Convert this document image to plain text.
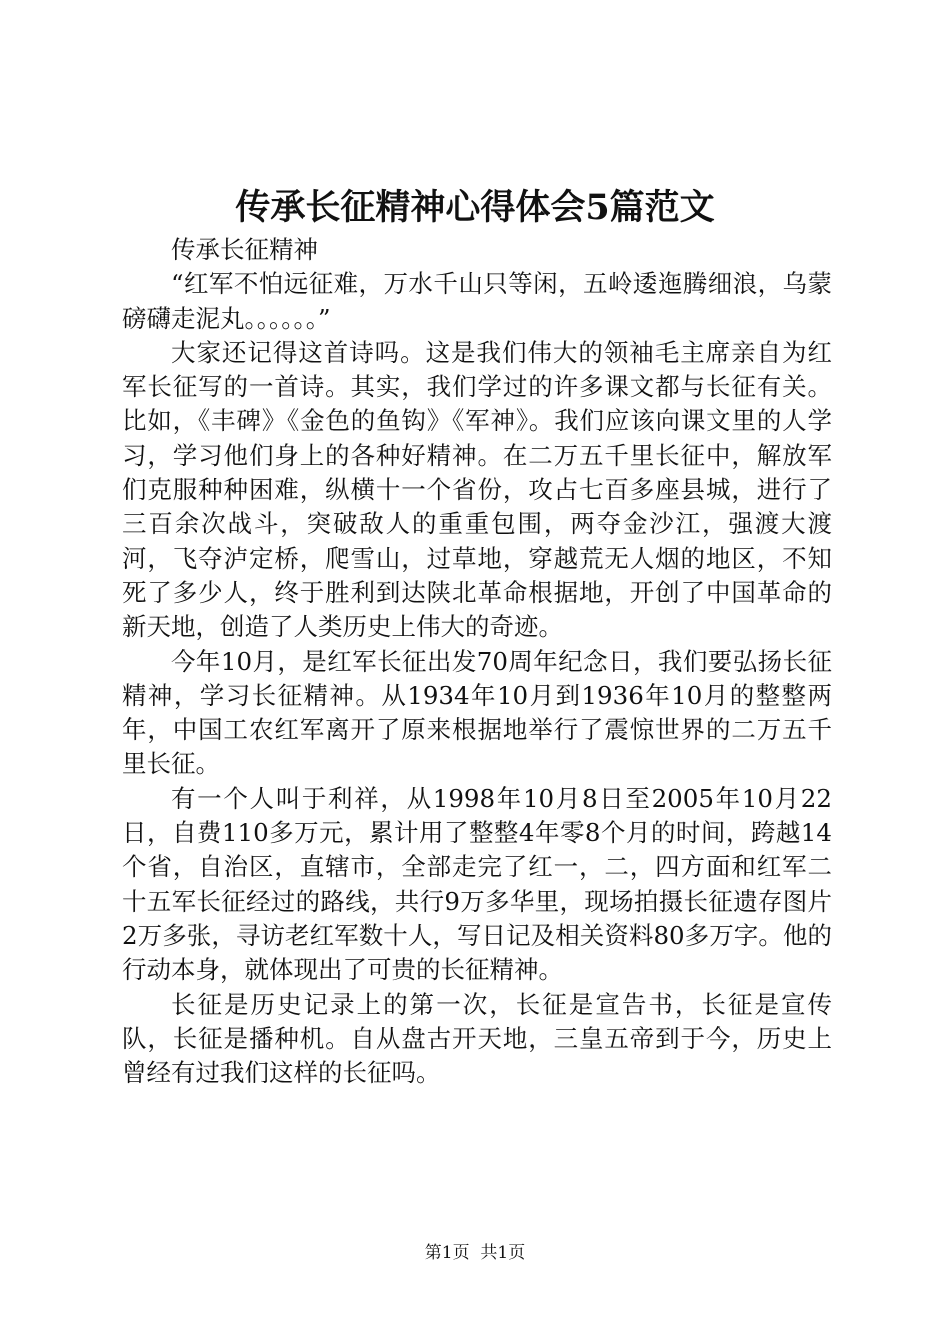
传承长征精神心得体会5篇范文

传承长征精神

“红军不怕远征难，万水千山只等闲，五岭逶迤腾细浪，乌蒙磅礴走泥丸。。。。。。”

大家还记得这首诗吗。这是我们伟大的领袖毛主席亲自为红军长征写的一首诗。其实，我们学过的许多课文都与长征有关。比如，《丰碑》《金色的鱼钩》《军神》。我们应该向课文里的人学习，学习他们身上的各种好精神。在二万五千里长征中，解放军们克服种种困难，纵横十一个省份，攻占七百多座县城，进行了三百余次战斗，突破敌人的重重包围，两夺金沙江，强渡大渡河，飞夺泸定桥，爬雪山，过草地，穿越荒无人烟的地区，不知死了多少人，终于胜利到达陕北革命根据地，开创了中国革命的新天地，创造了人类历史上伟大的奇迹。

今年10月，是红军长征出发70周年纪念日，我们要弘扬长征精神，学习长征精神。从1934年10月到1936年10月的整整两年，中国工农红军离开了原来根据地举行了震惊世界的二万五千里长征。

有一个人叫于利祥，从1998年10月8日至2005年10月22日，自费110多万元，累计用了整整4年零8个月的时间，跨越14个省，自治区，直辖市，全部走完了红一，二，四方面和红军二十五军长征经过的路线，共行9万多华里，现场拍摄长征遗存图片2万多张，寻访老红军数十人，写日记及相关资料80多万字。他的行动本身，就体现出了可贵的长征精神。

长征是历史记录上的第一次，长征是宣告书，长征是宣传队，长征是播种机。自从盘古开天地，三皇五帝到于今，历史上曾经有过我们这样的长征吗。

第1页  共1页
